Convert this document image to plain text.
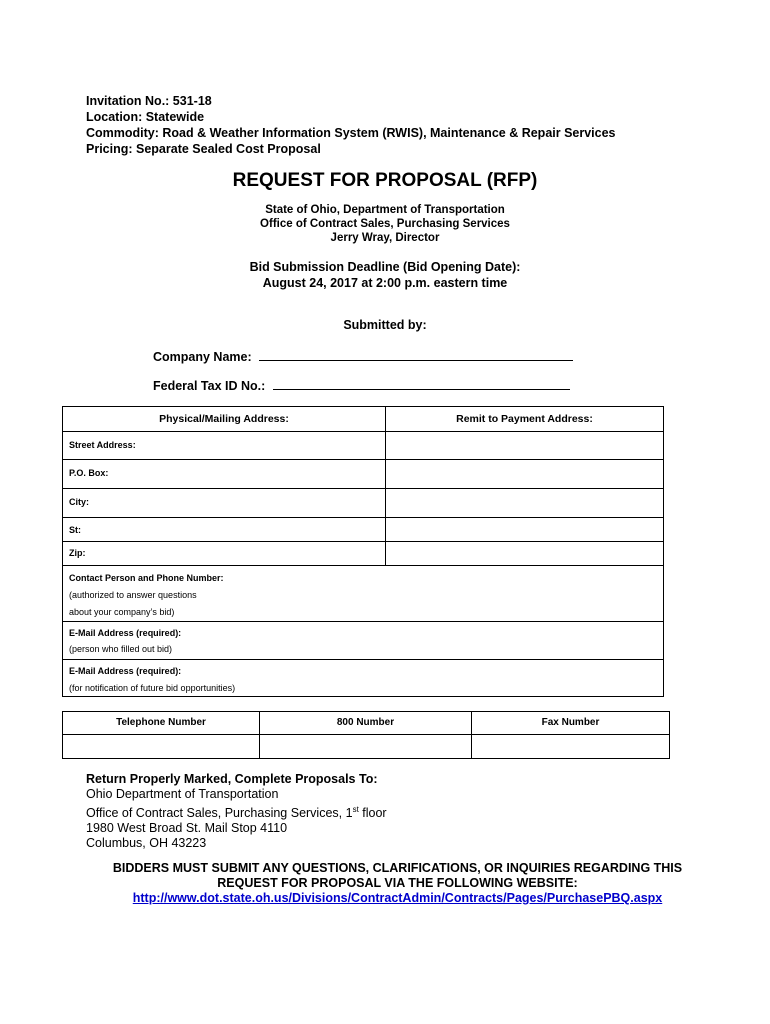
Invitation No.: 531-18
Location: Statewide
Commodity: Road & Weather Information System (RWIS), Maintenance & Repair Services
Pricing: Separate Sealed Cost Proposal
REQUEST FOR PROPOSAL (RFP)
State of Ohio, Department of Transportation
Office of Contract Sales, Purchasing Services
Jerry Wray, Director
Bid Submission Deadline (Bid Opening Date):
August 24, 2017 at 2:00 p.m. eastern time
Submitted by:
Company Name:
Federal Tax ID No.:
Physical/Mailing Address:	Remit to Payment Address:
Street Address:
P.O. Box:
City:
St:
Zip:
Contact Person and Phone Number:
(authorized to answer questions
about your company’s bid)
E-Mail Address (required):
(person who filled out bid)
E-Mail Address (required):
(for notification of future bid opportunities)
Telephone Number	800 Number	Fax Number
Return Properly Marked, Complete Proposals To:
Ohio Department of Transportation
Office of Contract Sales, Purchasing Services, 1st floor
1980 West Broad St. Mail Stop 4110
Columbus, OH 43223
BIDDERS MUST SUBMIT ANY QUESTIONS, CLARIFICATIONS, OR INQUIRIES REGARDING THIS
REQUEST FOR PROPOSAL VIA THE FOLLOWING WEBSITE:
http://www.dot.state.oh.us/Divisions/ContractAdmin/Contracts/Pages/PurchasePBQ.aspx
